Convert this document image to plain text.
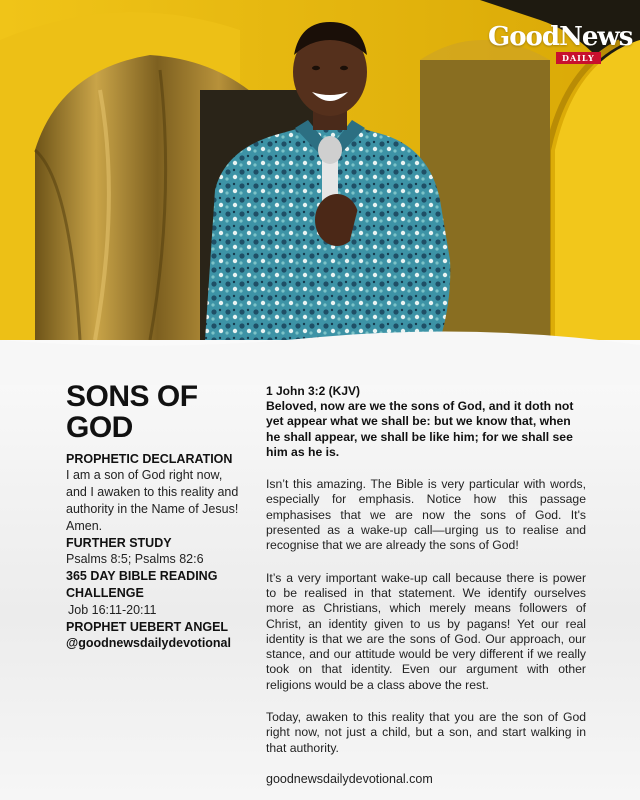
GoodNews
DAILY
SONS OF
GOD

PROPHETIC DECLARATION

I am a son of God right now, and I awaken to this reality and authority in the Name of Jesus! Amen.

FURTHER STUDY

Psalms 8:5; Psalms 82:6

365 DAY BIBLE READING CHALLENGE

Job 16:11-20:11

PROPHET UEBERT ANGEL

@goodnewsdailydevotional

1 John 3:2 (KJV)

Beloved, now are we the sons of God, and it doth not yet appear what we shall be: but we know that, when he shall appear, we shall be like him; for we shall see him as he is.

Isn’t this amazing. The Bible is very particular with words, especially for emphasis. Notice how this passage emphasises that we are now the sons of God. It's presented as a wake-up call—urging us to realise and recognise that we are already the sons of God!

It’s a very important wake-up call because there is power to be realised in that statement. We identify ourselves more as Christians, which merely means followers of Christ, an identity given to us by pagans! Yet our real identity is that we are the sons of God. Our approach, our stance, and our attitude would be very different if we really took on that identity. Even our argument with other religions would be a class above the rest.

Today, awaken to this reality that you are the son of God right now, not just a child, but a son, and start walking in that authority.

goodnewsdailydevotional.com
